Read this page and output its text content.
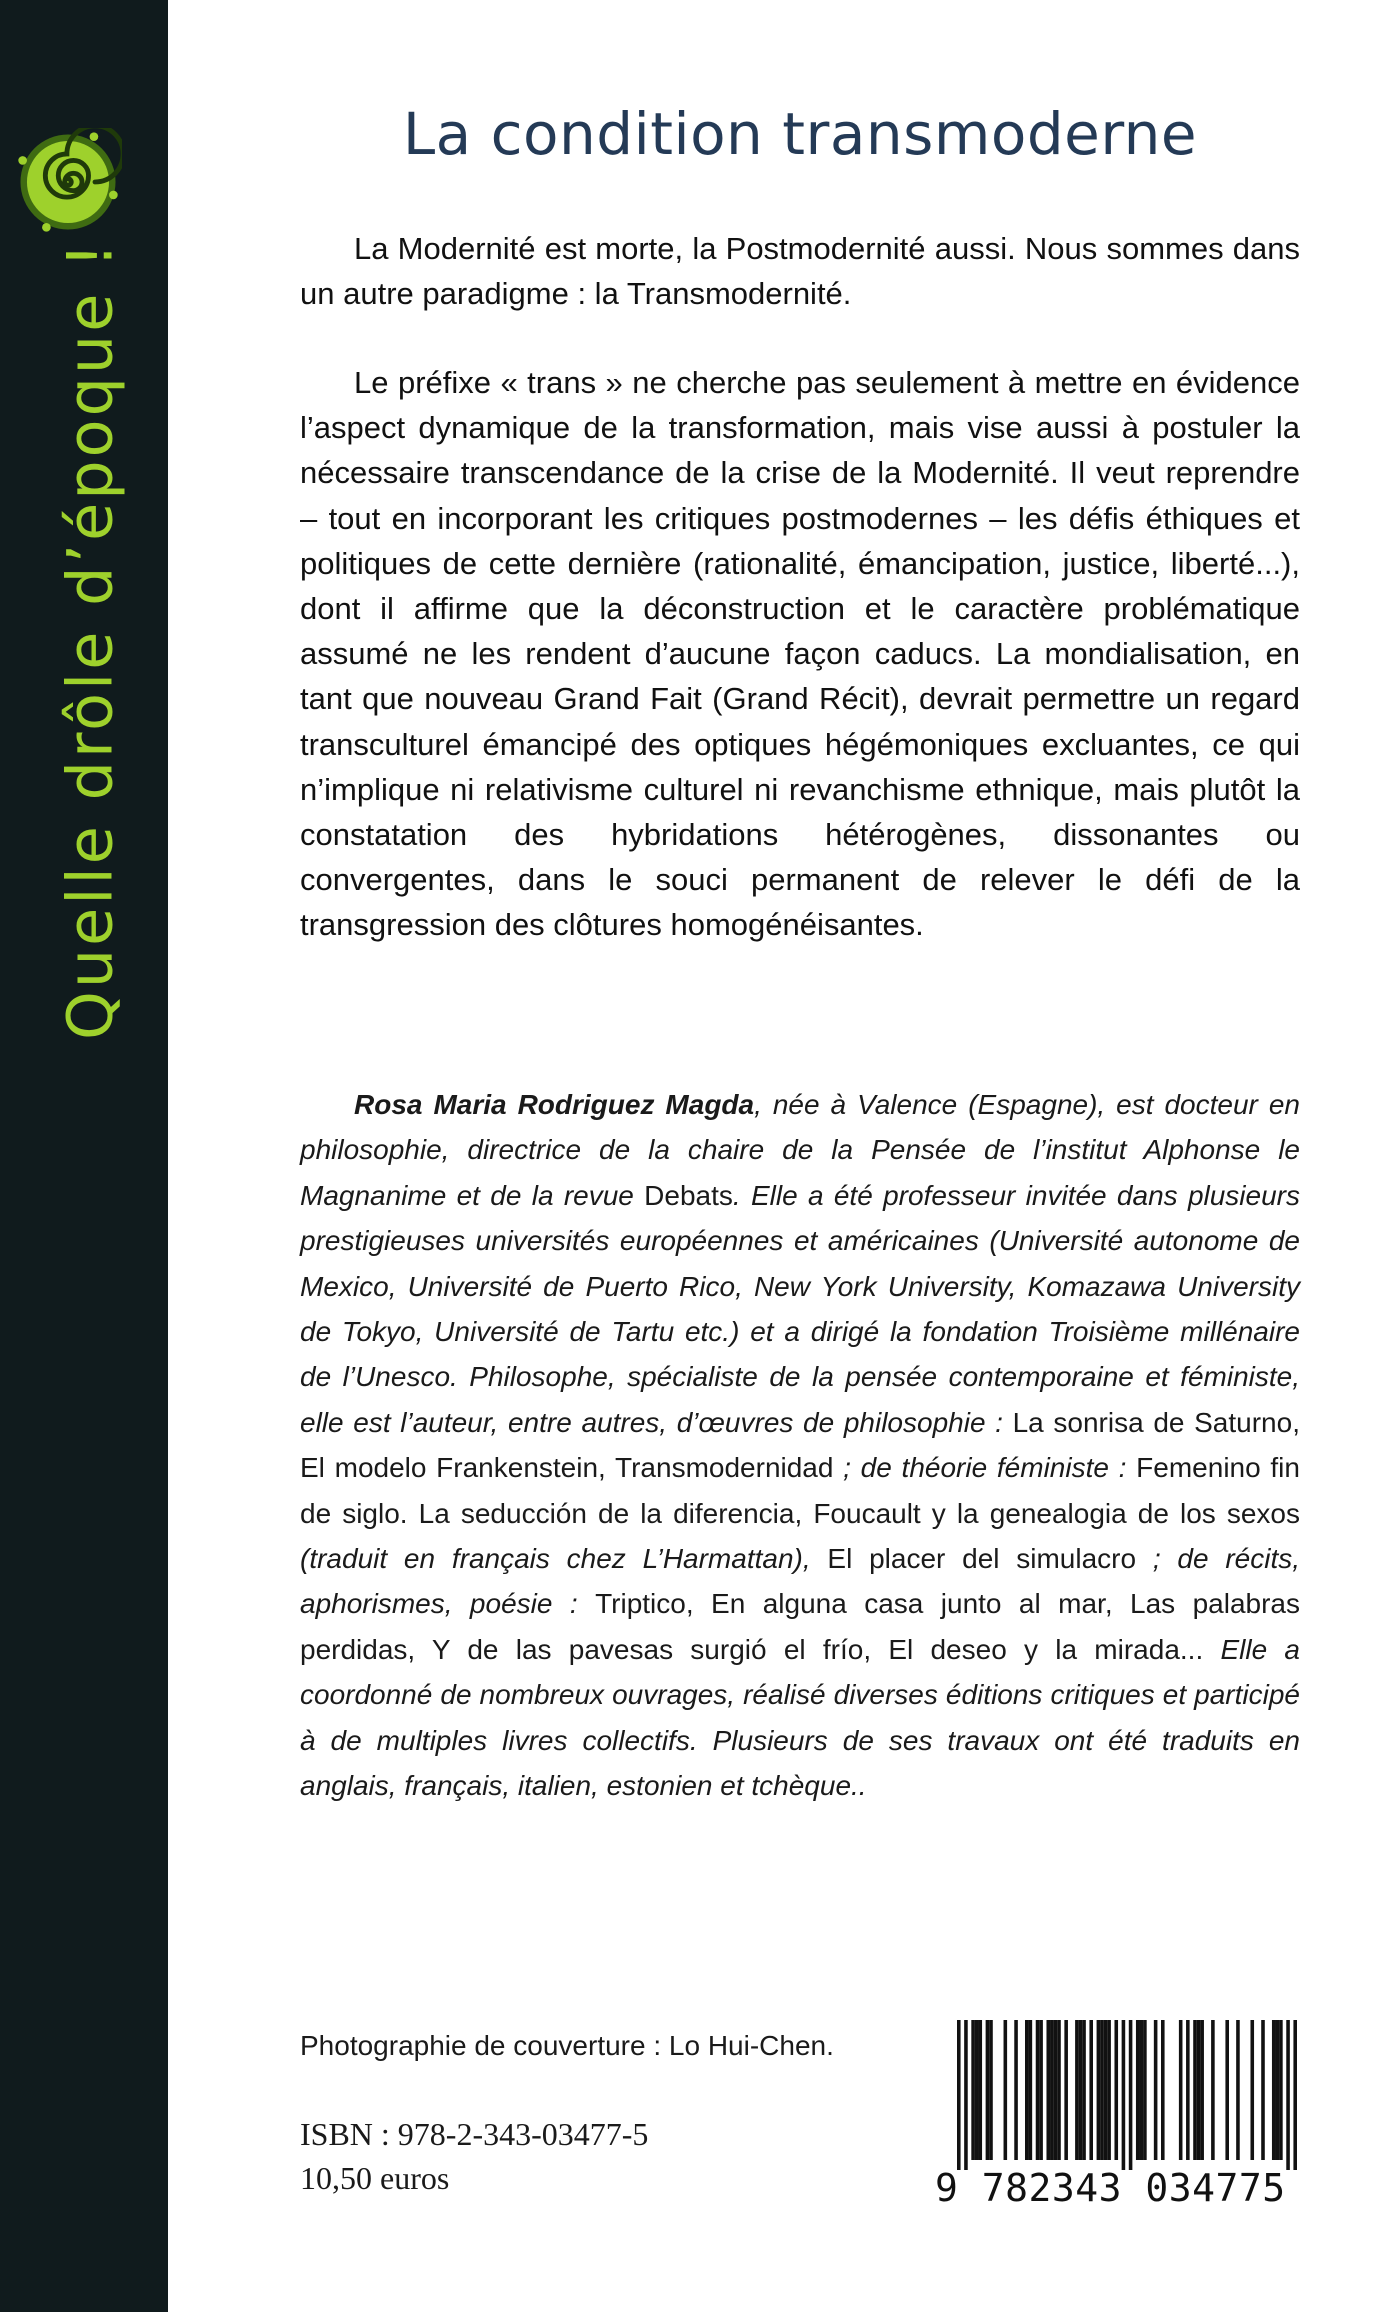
Quelle drôle d’époque !
La condition transmoderne

La Modernité est morte, la Postmodernité aussi. Nous sommes dans un autre paradigme : la Transmodernité.

Le préfixe « trans » ne cherche pas seulement à mettre en évidence l’aspect dynamique de la transformation, mais vise aussi à postuler la nécessaire transcendance de la crise de la Modernité. Il veut reprendre – tout en incorporant les critiques postmodernes – les défis éthiques et politiques de cette dernière (rationalité, émancipation, justice, liberté...), dont il affirme que la déconstruction et le caractère problématique assumé ne les rendent d’aucune façon caducs. La mondialisation, en tant que nouveau Grand Fait (Grand Récit), devrait permettre un regard transculturel émancipé des optiques hégémoniques excluantes, ce qui n’implique ni relativisme culturel ni revanchisme ethnique, mais plutôt la constatation des hybridations hétérogènes, dissonantes ou convergentes, dans le souci permanent de relever le défi de la transgression des clôtures homogénéisantes.

Rosa Maria Rodriguez Magda, née à Valence (Espagne), est docteur en philosophie, directrice de la chaire de la Pensée de l’institut Alphonse le Magnanime et de la revue Debats. Elle a été professeur invitée dans plusieurs prestigieuses universités européennes et américaines (Université autonome de Mexico, Université de Puerto Rico, New York University, Komazawa University de Tokyo, Université de Tartu etc.) et a dirigé la fondation Troisième millénaire de l’Unesco. Philosophe, spécialiste de la pensée contemporaine et féministe, elle est l’auteur, entre autres, d’œuvres de philosophie : La sonrisa de Saturno, El modelo Frankenstein, Transmodernidad ; de théorie féministe : Femenino fin de siglo. La seducción de la diferencia, Foucault y la genealogia de los sexos (traduit en français chez L’Harmattan), El placer del simulacro ; de récits, aphorismes, poésie : Triptico, En alguna casa junto al mar, Las palabras perdidas, Y de las pavesas surgió el frío, El deseo y la mirada... Elle a coordonné de nombreux ouvrages, réalisé diverses éditions critiques et participé à de multiples livres collectifs. Plusieurs de ses travaux ont été traduits en anglais, français, italien, estonien et tchèque..

Photographie de couverture : Lo Hui-Chen.
ISBN : 978-2-343-03477-5
10,50 euros	9 782343 034775
